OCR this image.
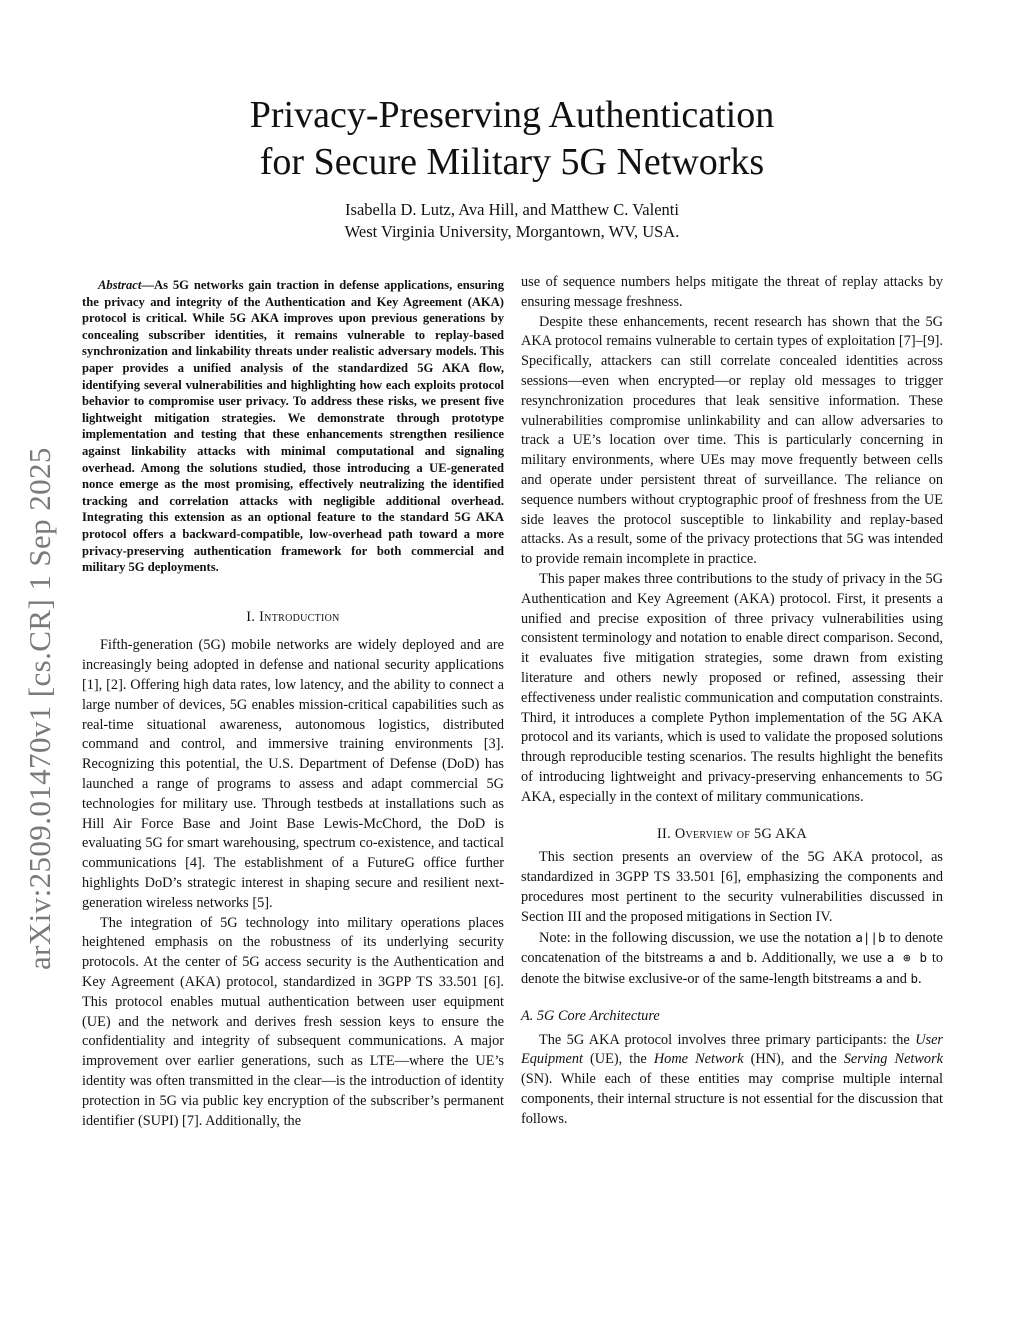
arXiv:2509.01470v1 [cs.CR] 1 Sep 2025
Privacy-Preserving Authentication
for Secure Military 5G Networks
Isabella D. Lutz, Ava Hill, and Matthew C. Valenti
West Virginia University, Morgantown, WV, USA.

Abstract—As 5G networks gain traction in defense applications, ensuring the privacy and integrity of the Authentication and Key Agreement (AKA) protocol is critical. While 5G AKA improves upon previous generations by concealing subscriber identities, it remains vulnerable to replay-based synchronization and linkability threats under realistic adversary models. This paper provides a unified analysis of the standardized 5G AKA flow, identifying several vulnerabilities and highlighting how each exploits protocol behavior to compromise user privacy. To address these risks, we present five lightweight mitigation strategies. We demonstrate through prototype implementation and testing that these enhancements strengthen resilience against linkability attacks with minimal computational and signaling overhead. Among the solutions studied, those introducing a UE-generated nonce emerge as the most promising, effectively neutralizing the identified tracking and correlation attacks with negligible additional overhead. Integrating this extension as an optional feature to the standard 5G AKA protocol offers a backward-compatible, low-overhead path toward a more privacy-preserving authentication framework for both commercial and military 5G deployments.

I. Introduction

Fifth-generation (5G) mobile networks are widely deployed and are increasingly being adopted in defense and national security applications [1], [2]. Offering high data rates, low latency, and the ability to connect a large number of devices, 5G enables mission-critical capabilities such as real-time situational awareness, autonomous logistics, distributed command and control, and immersive training environments [3]. Recognizing this potential, the U.S. Department of Defense (DoD) has launched a range of programs to assess and adapt commercial 5G technologies for military use. Through testbeds at installations such as Hill Air Force Base and Joint Base Lewis-McChord, the DoD is evaluating 5G for smart warehousing, spectrum co-existence, and tactical communications [4]. The establishment of a FutureG office further highlights DoD’s strategic interest in shaping secure and resilient next-generation wireless networks [5].

The integration of 5G technology into military operations places heightened emphasis on the robustness of its underlying security protocols. At the center of 5G access security is the Authentication and Key Agreement (AKA) protocol, standardized in 3GPP TS 33.501 [6]. This protocol enables mutual authentication between user equipment (UE) and the network and derives fresh session keys to ensure the confidentiality and integrity of subsequent communications. A major improvement over earlier generations, such as LTE—where the UE’s identity was often transmitted in the clear—is the introduction of identity protection in 5G via public key encryption of the subscriber’s permanent identifier (SUPI) [7]. Additionally, the

use of sequence numbers helps mitigate the threat of replay attacks by ensuring message freshness.

Despite these enhancements, recent research has shown that the 5G AKA protocol remains vulnerable to certain types of exploitation [7]–[9]. Specifically, attackers can still correlate concealed identities across sessions—even when encrypted—or replay old messages to trigger resynchronization procedures that leak sensitive information. These vulnerabilities compromise unlinkability and can allow adversaries to track a UE’s location over time. This is particularly concerning in military environments, where UEs may move frequently between cells and operate under persistent threat of surveillance. The reliance on sequence numbers without cryptographic proof of freshness from the UE side leaves the protocol susceptible to linkability and replay-based attacks. As a result, some of the privacy protections that 5G was intended to provide remain incomplete in practice.

This paper makes three contributions to the study of privacy in the 5G Authentication and Key Agreement (AKA) protocol. First, it presents a unified and precise exposition of three privacy vulnerabilities using consistent terminology and notation to enable direct comparison. Second, it evaluates five mitigation strategies, some drawn from existing literature and others newly proposed or refined, assessing their effectiveness under realistic communication and computation constraints. Third, it introduces a complete Python implementation of the 5G AKA protocol and its variants, which is used to validate the proposed solutions through reproducible testing scenarios. The results highlight the benefits of introducing lightweight and privacy-preserving enhancements to 5G AKA, especially in the context of military communications.

II. Overview of 5G AKA

This section presents an overview of the 5G AKA protocol, as standardized in 3GPP TS 33.501 [6], emphasizing the components and procedures most pertinent to the security vulnerabilities discussed in Section III and the proposed mitigations in Section IV.

Note: in the following discussion, we use the notation a||b to denote concatenation of the bitstreams a and b. Additionally, we use a ⊕ b to denote the bitwise exclusive-or of the same-length bitstreams a and b.

A. 5G Core Architecture

The 5G AKA protocol involves three primary participants: the User Equipment (UE), the Home Network (HN), and the Serving Network (SN). While each of these entities may comprise multiple internal components, their internal structure is not essential for the discussion that follows.
